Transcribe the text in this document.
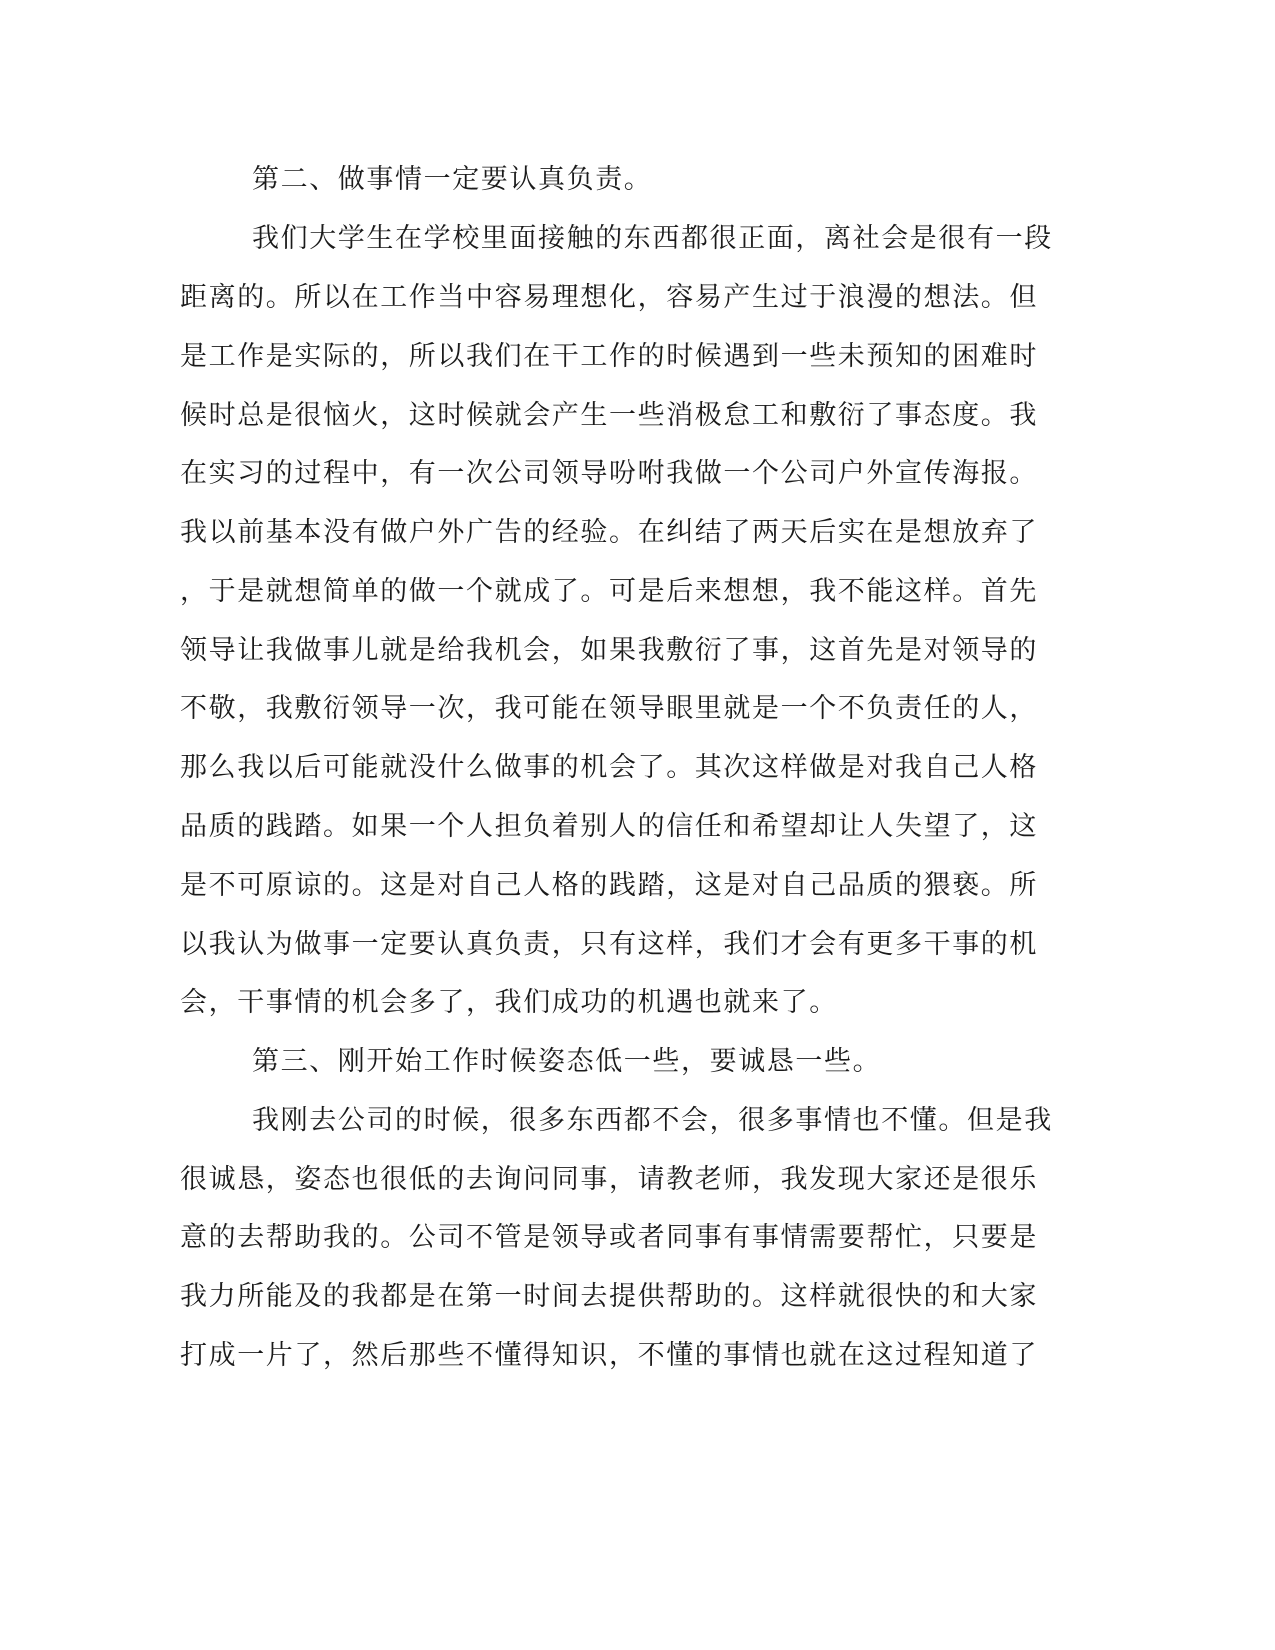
第二、做事情一定要认真负责。
我们大学生在学校里面接触的东西都很正面，离社会是很有一段
距离的。所以在工作当中容易理想化，容易产生过于浪漫的想法。但
是工作是实际的，所以我们在干工作的时候遇到一些未预知的困难时
候时总是很恼火，这时候就会产生一些消极怠工和敷衍了事态度。我
在实习的过程中，有一次公司领导吩咐我做一个公司户外宣传海报。
我以前基本没有做户外广告的经验。在纠结了两天后实在是想放弃了
，于是就想简单的做一个就成了。可是后来想想，我不能这样。首先
领导让我做事儿就是给我机会，如果我敷衍了事，这首先是对领导的
不敬，我敷衍领导一次，我可能在领导眼里就是一个不负责任的人，
那么我以后可能就没什么做事的机会了。其次这样做是对我自己人格
品质的践踏。如果一个人担负着别人的信任和希望却让人失望了，这
是不可原谅的。这是对自己人格的践踏，这是对自己品质的猥亵。所
以我认为做事一定要认真负责，只有这样，我们才会有更多干事的机
会，干事情的机会多了，我们成功的机遇也就来了。
第三、刚开始工作时候姿态低一些，要诚恳一些。
我刚去公司的时候，很多东西都不会，很多事情也不懂。但是我
很诚恳，姿态也很低的去询问同事，请教老师，我发现大家还是很乐
意的去帮助我的。公司不管是领导或者同事有事情需要帮忙，只要是
我力所能及的我都是在第一时间去提供帮助的。这样就很快的和大家
打成一片了，然后那些不懂得知识，不懂的事情也就在这过程知道了
